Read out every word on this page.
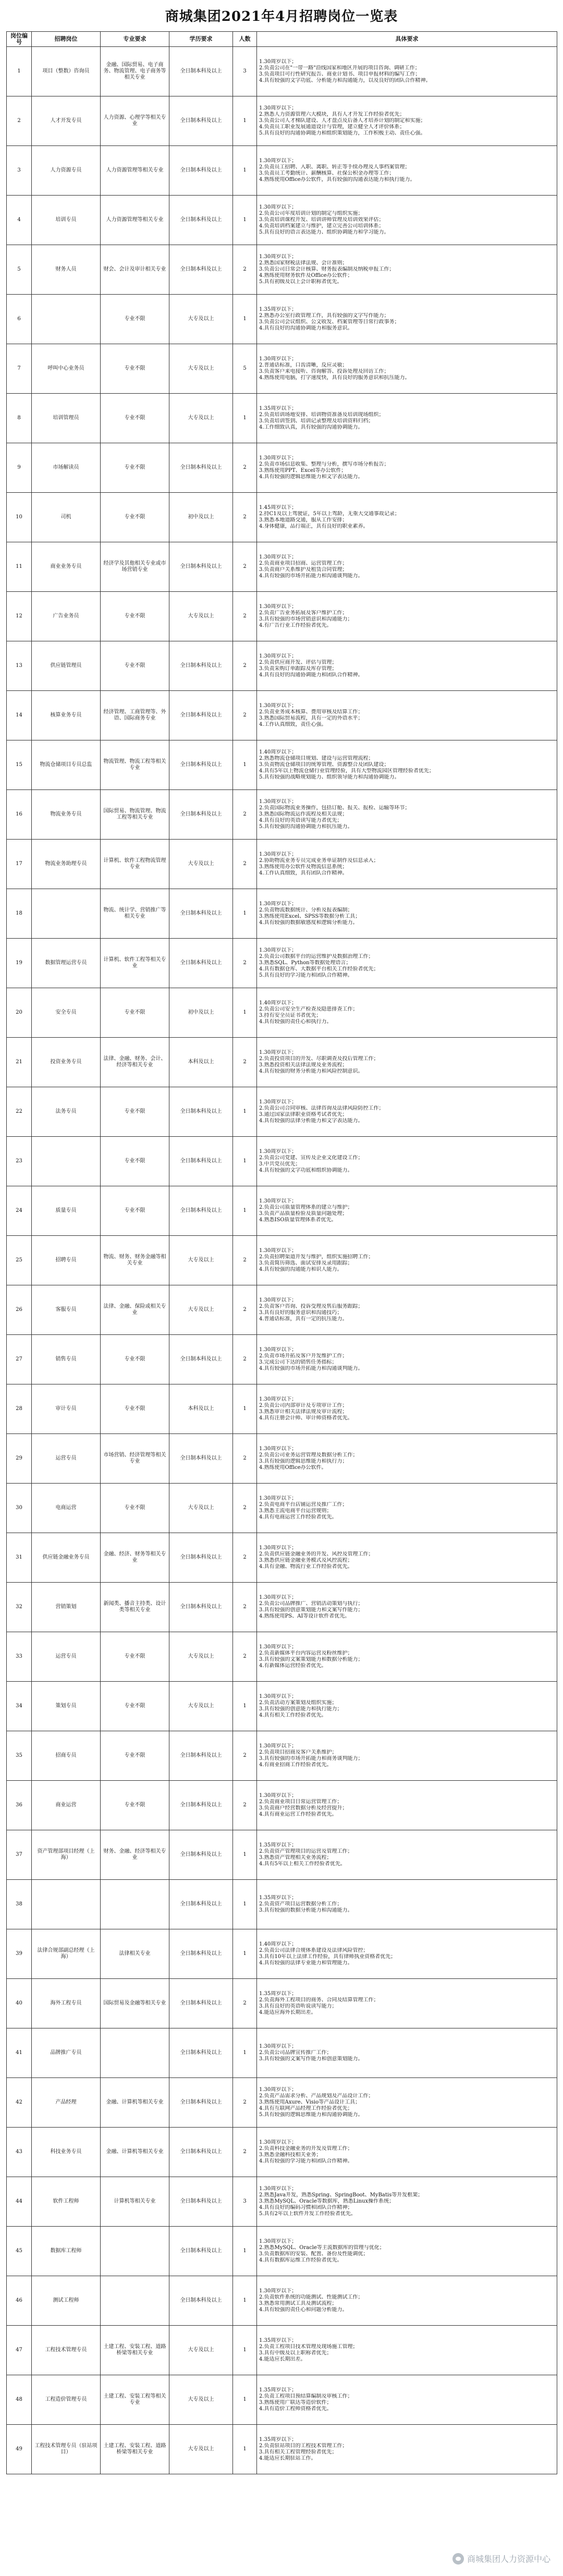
商城集团2021年4月招聘岗位一览表
岗位编号	招聘岗位	专业要求	学历要求	人数	具体要求
1	项目（整数）咨询员	金融、国际贸易、电子商务、物流管理、电子商务等相关专业	全日制本科及以上	3	1.30周岁以下；
2.负责公司在"一带一路"沿线国家和地区开展的项目咨询、调研工作；
3.负责项目可行性研究报告、商业计划书、项目申报材料的编写工作；
4.具有较强的文字功底、分析能力和沟通能力，以及良好的团队合作精神。

2	人才开发专员	人力资源、心理学等相关专业	全日制本科及以上	1	1.30周岁以下；
2.熟悉人力资源管理六大模块，具有人才开发工作经验者优先；
3.负责公司人才梯队建设、人才盘点及后备人才培养计划的制定和实施；
4.负责员工职业发展通道设计与管理，建立健全人才评价体系；
5.具有良好的沟通协调能力和组织策划能力，工作积极主动、责任心强。

3	人力资源专员	人力资源管理等相关专业	全日制本科及以上	1	1.30周岁以下；
2.负责员工招聘、入职、离职、转正等手续办理及人事档案管理；
3.负责员工考勤统计、薪酬核算、社保公积金办理等工作；
4.熟练使用Office办公软件，具有较强的沟通表达能力和执行能力。

4	培训专员	人力资源管理等相关专业	全日制本科及以上	1	1.30周岁以下；
2.负责公司年度培训计划的制定与组织实施；
3.负责培训课程开发、培训讲师管理及培训效果评估；
4.负责培训档案建立与维护，建立完善公司培训体系；
5.具有良好的语言表达能力、组织协调能力和学习能力。

5	财务人员	财会、会计及审计相关专业	全日制本科及以上	2	1.30周岁以下；
2.熟悉国家财税法律法规、会计准则；
3.负责公司日常会计核算、财务报表编制及纳税申报工作；
4.熟练使用财务软件及Office办公软件；
5.具有初级及以上会计职称者优先。

6		专业不限	大专及以上	1	1.35周岁以下；
2.熟悉办公室行政管理工作，具有较强的文字写作能力；
3.负责公司会议组织、公文收发、档案管理等日常行政事务；
4.具有良好的沟通协调能力和服务意识。

7	呼叫中心业务员	专业不限	大专及以上	5	1.30周岁以下；
2.普通话标准，口齿清晰，反应灵敏；
3.负责客户来电接听、咨询解答、投诉处理及回访工作；
4.熟练使用电脑，打字速度快，具有良好的服务意识和抗压能力。

8	培训管理员	专业不限	大专及以上	1	1.35周岁以下；
2.负责培训场地安排、培训物资准备及培训现场组织；
3.负责培训签到、培训记录整理及培训资料归档；
4.工作细致认真，具有较强的沟通协调能力。

9	市场解读员	专业不限	全日制本科及以上	2	1.30周岁以下；
2.负责市场信息收集、整理与分析，撰写市场分析报告；
3.熟练使用PPT、Excel等办公软件；
4.具有较强的逻辑思维能力和文字表达能力。

10	司机	专业不限	初中及以上	2	1.45周岁以下；
2.持C1及以上驾驶证，5年以上驾龄，无重大交通事故记录；
3.熟悉本地道路交通，服从工作安排；
4.身体健康，品行端正，具有良好的职业素养。

11	商业业务专员	经济学及其他相关专业或市场营销专业	全日制本科及以上	2	1.30周岁以下；
2.负责商业项目招商、运营管理工作；
3.负责商户关系维护及租赁合同管理；
4.具有较强的市场开拓能力和沟通谈判能力。

12	广告业务员	专业不限	大专及以上	2	1.30周岁以下；
2.负责广告业务拓展及客户维护工作；
3.具有较强的市场营销意识和沟通能力；
4.有广告行业工作经验者优先。

13	供应链管理员	专业不限	全日制本科及以上	2	1.30周岁以下；
2.负责供应商开发、评估与管理；
3.负责采购订单跟踪及库存管理；
4.具有良好的沟通协调能力和团队合作精神。

14	核算业务专员	经济管理、工商管理等、外语、国际商务专业	全日制本科及以上	2	1.30周岁以下；
2.负责业务成本核算、费用审核及结算工作；
3.熟悉国际贸易流程，具有一定的外语水平；
4.工作认真细致，责任心强。

15	物流仓储项目专员总监	物流管理、物流工程等相关专业	全日制本科及以上	1	1.40周岁以下；
2.熟悉物流仓储项目规划、建设与运营管理流程；
3.负责物流仓储项目的统筹管理、资源整合及团队建设；
4.具有5年以上物流仓储行业管理经验，具有大型物流园区管理经验者优先；
5.具有较强的战略规划能力、组织领导能力和沟通协调能力。

16	物流业务专员	国际贸易、物流管理、物流工程等相关专业	全日制本科及以上	2	1.30周岁以下；
2.负责国际物流业务操作，包括订舱、报关、报检、运输等环节；
3.熟悉国际物流运作流程及相关法规；
4.具有良好的英语读写能力者优先；
5.具有较强的沟通协调能力和抗压能力。

17	物流业务助理专员	计算机、软件工程物流管理专业	大专及以上	2	1.30周岁以下；
2.协助物流业务专员完成业务单证制作及信息录入；
3.熟练使用办公软件及物流信息系统；
4.工作认真细致，具有团队合作精神。

18		物流、统计学、营销推广等相关专业	全日制本科及以上	1	1.30周岁以下；
2.负责物流数据统计、分析及报表编制；
3.熟练使用Excel、SPSS等数据分析工具；
4.具有较强的数据敏感度和逻辑分析能力。

19	数据管理运营专员	计算机、软件工程等相关专业	全日制本科及以上	2	1.30周岁以下；
2.负责公司数据平台的运营维护及数据治理工作；
3.熟悉SQL、Python等数据处理语言；
4.具有数据仓库、大数据平台相关工作经验者优先；
5.具有良好的学习能力和团队合作精神。

20	安全专员	专业不限	初中及以上	1	1.40周岁以下；
2.负责公司安全生产检查及隐患排查工作；
3.持有安全员证书者优先；
4.具有较强的责任心和执行力。

21	投资业务专员	法律、金融、财务、会计、经济等相关专业	本科及以上	2	1.30周岁以下；
2.负责投资项目的开发、尽职调查及投后管理工作；
3.熟悉投资相关法律法规及业务流程；
4.具有较强的财务分析能力和风险控制意识。

22	法务专员	专业不限	全日制本科及以上	1	1.30周岁以下；
2.负责公司合同审核、法律咨询及法律风险防控工作；
3.通过国家法律职业资格考试者优先；
4.具有较强的法律分析能力和文字表达能力。

23		专业不限	全日制本科及以上	1	1.30周岁以下；
2.负责公司党建、宣传及企业文化建设工作；
3.中共党员优先；
4.具有较强的文字功底和组织协调能力。

24	质量专员	专业不限	全日制本科及以上	1	1.30周岁以下；
2.负责公司质量管理体系的建立与维护；
3.负责产品质量检验及质量问题处理；
4.熟悉ISO质量管理体系者优先。

25	招聘专员	物流、财务、财务金融等相关专业	大专及以上	2	1.30周岁以下；
2.负责招聘渠道开发与维护，组织实施招聘工作；
3.负责简历筛选、面试安排及录用跟踪；
4.具有较强的沟通能力和识人能力。

26	客服专员	法律、金融、保险或相关专业	大专及以上	2	1.30周岁以下；
2.负责客户咨询、投诉受理及售后服务跟踪；
3.具有良好的服务意识和沟通技巧；
4.普通话标准，具有一定的抗压能力。

27	销售专员	专业不限	全日制本科及以上	2	1.30周岁以下；
2.负责市场开拓及客户开发维护工作；
3.完成公司下达的销售任务指标；
4.具有较强的市场开拓能力和沟通谈判能力。

28	审计专员	专业不限	本科及以上	1	1.30周岁以下；
2.负责公司内部审计及专项审计工作；
3.熟悉审计相关法律法规及审计流程；
4.具有注册会计师、审计师资格者优先。

29	运营专员	市场营销、经济管理等相关专业	全日制本科及以上	2	1.30周岁以下；
2.负责公司业务运营管理及数据分析工作；
3.具有较强的逻辑思维能力和执行力；
4.熟练使用Office办公软件。

30	电商运营	专业不限	大专及以上	2	1.30周岁以下；
2.负责电商平台店铺运营及推广工作；
3.熟悉主流电商平台运营规则；
4.具有电商运营工作经验者优先。

31	供应链金融业务专员	金融、经济、财务等相关专业	全日制本科及以上	2	1.30周岁以下；
2.负责供应链金融业务的开发、风控及管理工作；
3.熟悉供应链金融业务模式及风控流程；
4.具有金融、物流行业工作经验者优先。

32	营销策划	新闻类、播音主持类、设计类等相关专业	全日制本科及以上	2	1.30周岁以下；
2.负责公司品牌推广、营销活动策划与执行；
3.具有较强的创意策划能力和文案写作能力；
4.熟练使用PS、AI等设计软件者优先。

33	运营专员	专业不限	大专及以上	2	1.30周岁以下；
2.负责新媒体平台内容运营及粉丝维护；
3.具有较强的文案策划能力和数据分析能力；
4.有新媒体运营经验者优先。

34	策划专员	专业不限	大专及以上	1	1.30周岁以下；
2.负责活动方案策划及组织实施；
3.具有较强的创意能力和执行能力；
4.具有相关工作经验者优先。

35	招商专员	专业不限	全日制本科及以上	2	1.30周岁以下；
2.负责项目招商及客户关系维护；
3.具有较强的市场开拓能力和商务谈判能力；
4.有商业招商工作经验者优先。

36	商业运营	专业不限	全日制本科及以上	2	1.30周岁以下；
2.负责商业项目日常运营管理工作；
3.负责商户经营数据分析及经营提升；
4.具有商业运营工作经验者优先。

37	资产管理部项目经理（上海）	财务、金融、经济等相关专业	全日制本科及以上	1	1.35周岁以下；
2.负责资产管理项目的运营及管理工作；
3.熟悉资产管理相关业务流程；
4.具有5年以上相关工作经验者优先。

38			全日制本科及以上	1	1.35周岁以下；
2.负责资产项目运营数据分析工作；
3.具有较强的数据分析能力和沟通能力。

39	法律合规部副总经理（上海）	法律相关专业	全日制本科及以上	1	1.40周岁以下；
2.负责公司法律合规体系建设及法律风险管控；
3.具有10年以上法律工作经验，具有律师执业资格者优先；
4.具有较强的法律专业能力和管理能力。

40	海外工程专员	国际贸易及金融等相关专业	全日制本科及以上	2	1.35周岁以下；
2.负责海外工程项目的商务、合同及结算管理工作；
3.具有良好的英语听说读写能力；
4.能适应海外长期出差。

41	品牌推广专员		全日制本科及以上	1	1.30周岁以下；
2.负责公司品牌宣传推广工作；
3.具有较强的文案写作能力和创意策划能力。

42	产品经理	金融、计算机等相关专业	全日制本科及以上	2	1.30周岁以下；
2.负责产品需求分析、产品规划及产品设计工作；
3.熟练使用Axure、Visio等产品设计工具；
4.具有互联网产品经理工作经验者优先；
5.具有较强的逻辑思维能力和沟通协调能力。

43	科技业务专员	金融、计算机等相关专业	全日制本科及以上	2	1.30周岁以下；
2.负责科技金融业务的开发及管理工作；
3.熟悉金融科技相关业务；
4.具有较强的学习能力和团队合作精神。

44	软件工程师	计算机等相关专业	全日制本科及以上	3	1.30周岁以下；
2.熟悉Java开发，熟悉Spring、SpringBoot、MyBatis等开发框架；
3.熟悉MySQL、Oracle等数据库，熟悉Linux操作系统；
4.具有良好的编码习惯和团队合作精神；
5.具有2年以上软件开发工作经验者优先。

45	数据库工程师		全日制本科及以上	1	1.30周岁以下；
2.熟悉MySQL、Oracle等主流数据库的管理与优化；
3.负责数据库的安装、配置、备份及性能调优；
4.具有数据库运维工作经验者优先。

46	测试工程师		全日制本科及以上	1	1.30周岁以下；
2.负责软件系统的功能测试、性能测试工作；
3.熟悉常用测试工具及测试流程；
4.具有较强的责任心和问题分析能力。

47	工程技术管理专员	土建工程、安装工程、道路桥梁等相关专业	大专及以上	1	1.35周岁以下；
2.负责工程项目技术管理及现场施工管理；
3.具有中级及以上职称者优先；
4.能适应长期出差。

48	工程造价管理专员	土建工程、安装工程等相关专业	大专及以上	1	1.35周岁以下；
2.负责工程项目预结算编制及审核工作；
3.熟练使用广联达等造价软件；
4.具有造价工程师资格者优先。

49	工程技术管理专员（驻站项目）	土建工程、安装工程、道路桥梁等相关专业	大专及以上	1	1.35周岁以下；
2.负责驻站项目的工程技术管理工作；
3.具有相关工程管理经验者优先；
4.能适应长期驻站工作。
商城集团人力资源中心
